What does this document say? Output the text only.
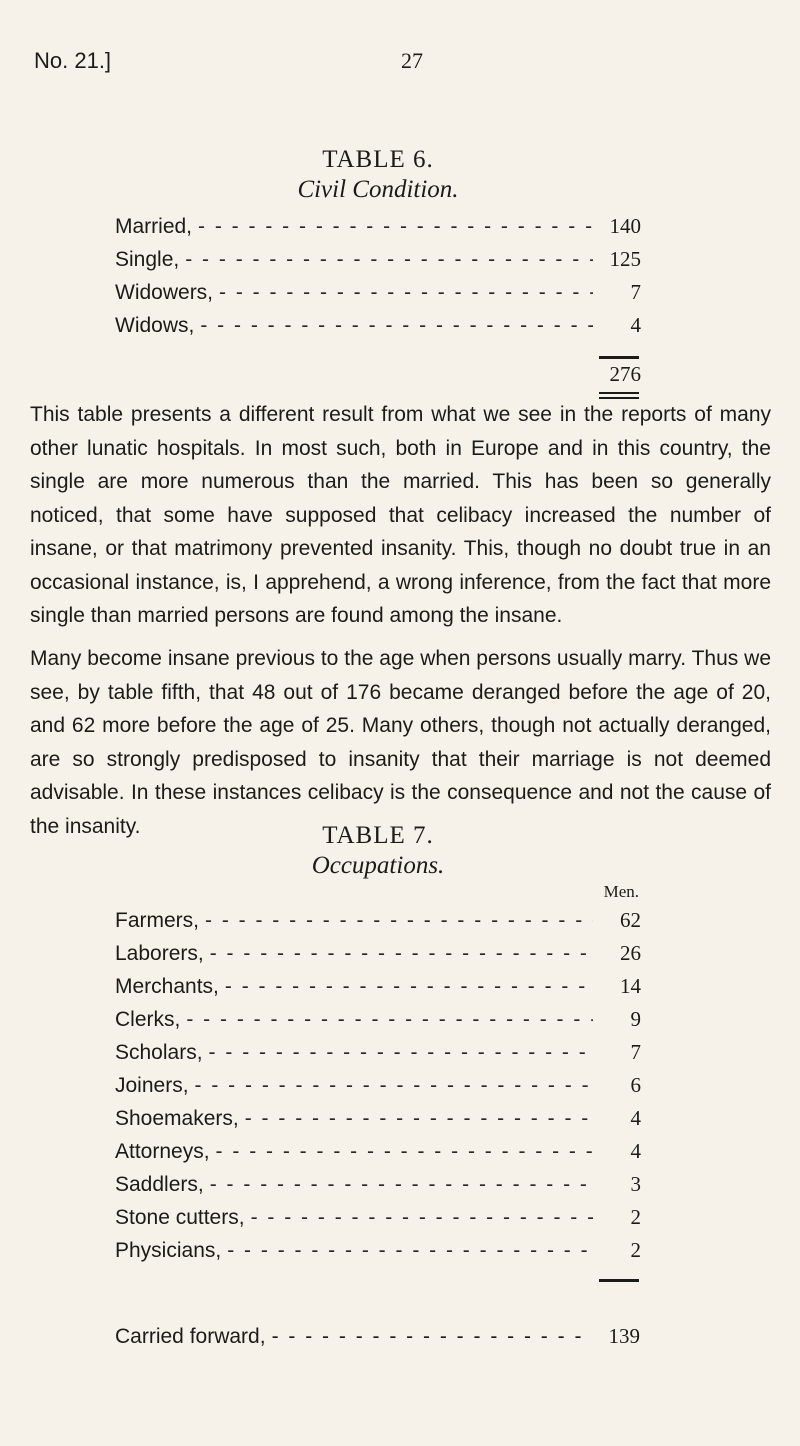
No. 21.]	27
TABLE 6.
Civil Condition.
Married, - - -	140
Single, - - -	125
Widowers, - - -	7
Widows, - - -	4
276

This table presents a different result from what we see in the reports of many other lunatic hospitals. In most such, both in Europe and in this country, the single are more numerous than the married. This has been so generally noticed, that some have supposed that celibacy increased the number of insane, or that matrimony prevented insanity. This, though no doubt true in an occasional instance, is, I apprehend, a wrong inference, from the fact that more single than married persons are found among the insane.

Many become insane previous to the age when persons usually marry. Thus we see, by table fifth, that 48 out of 176 became deranged before the age of 20, and 62 more before the age of 25. Many others, though not actually deranged, are so strongly predisposed to insanity that their marriage is not deemed advisable. In these instances celibacy is the consequence and not the cause of the insanity.	TABLE 7.
Occupations.
Men.
Farmers, - - -	62
Laborers, - - -	26
Merchants, - - -	14
Clerks, - - -	9
Scholars, - - -	7
Joiners, - - -	6
Shoemakers, - - -	4
Attorneys, - - -	4
Saddlers, - - -	3
Stone cutters, - - -	2
Physicians, - - -	2
Carried forward, - - -	139
